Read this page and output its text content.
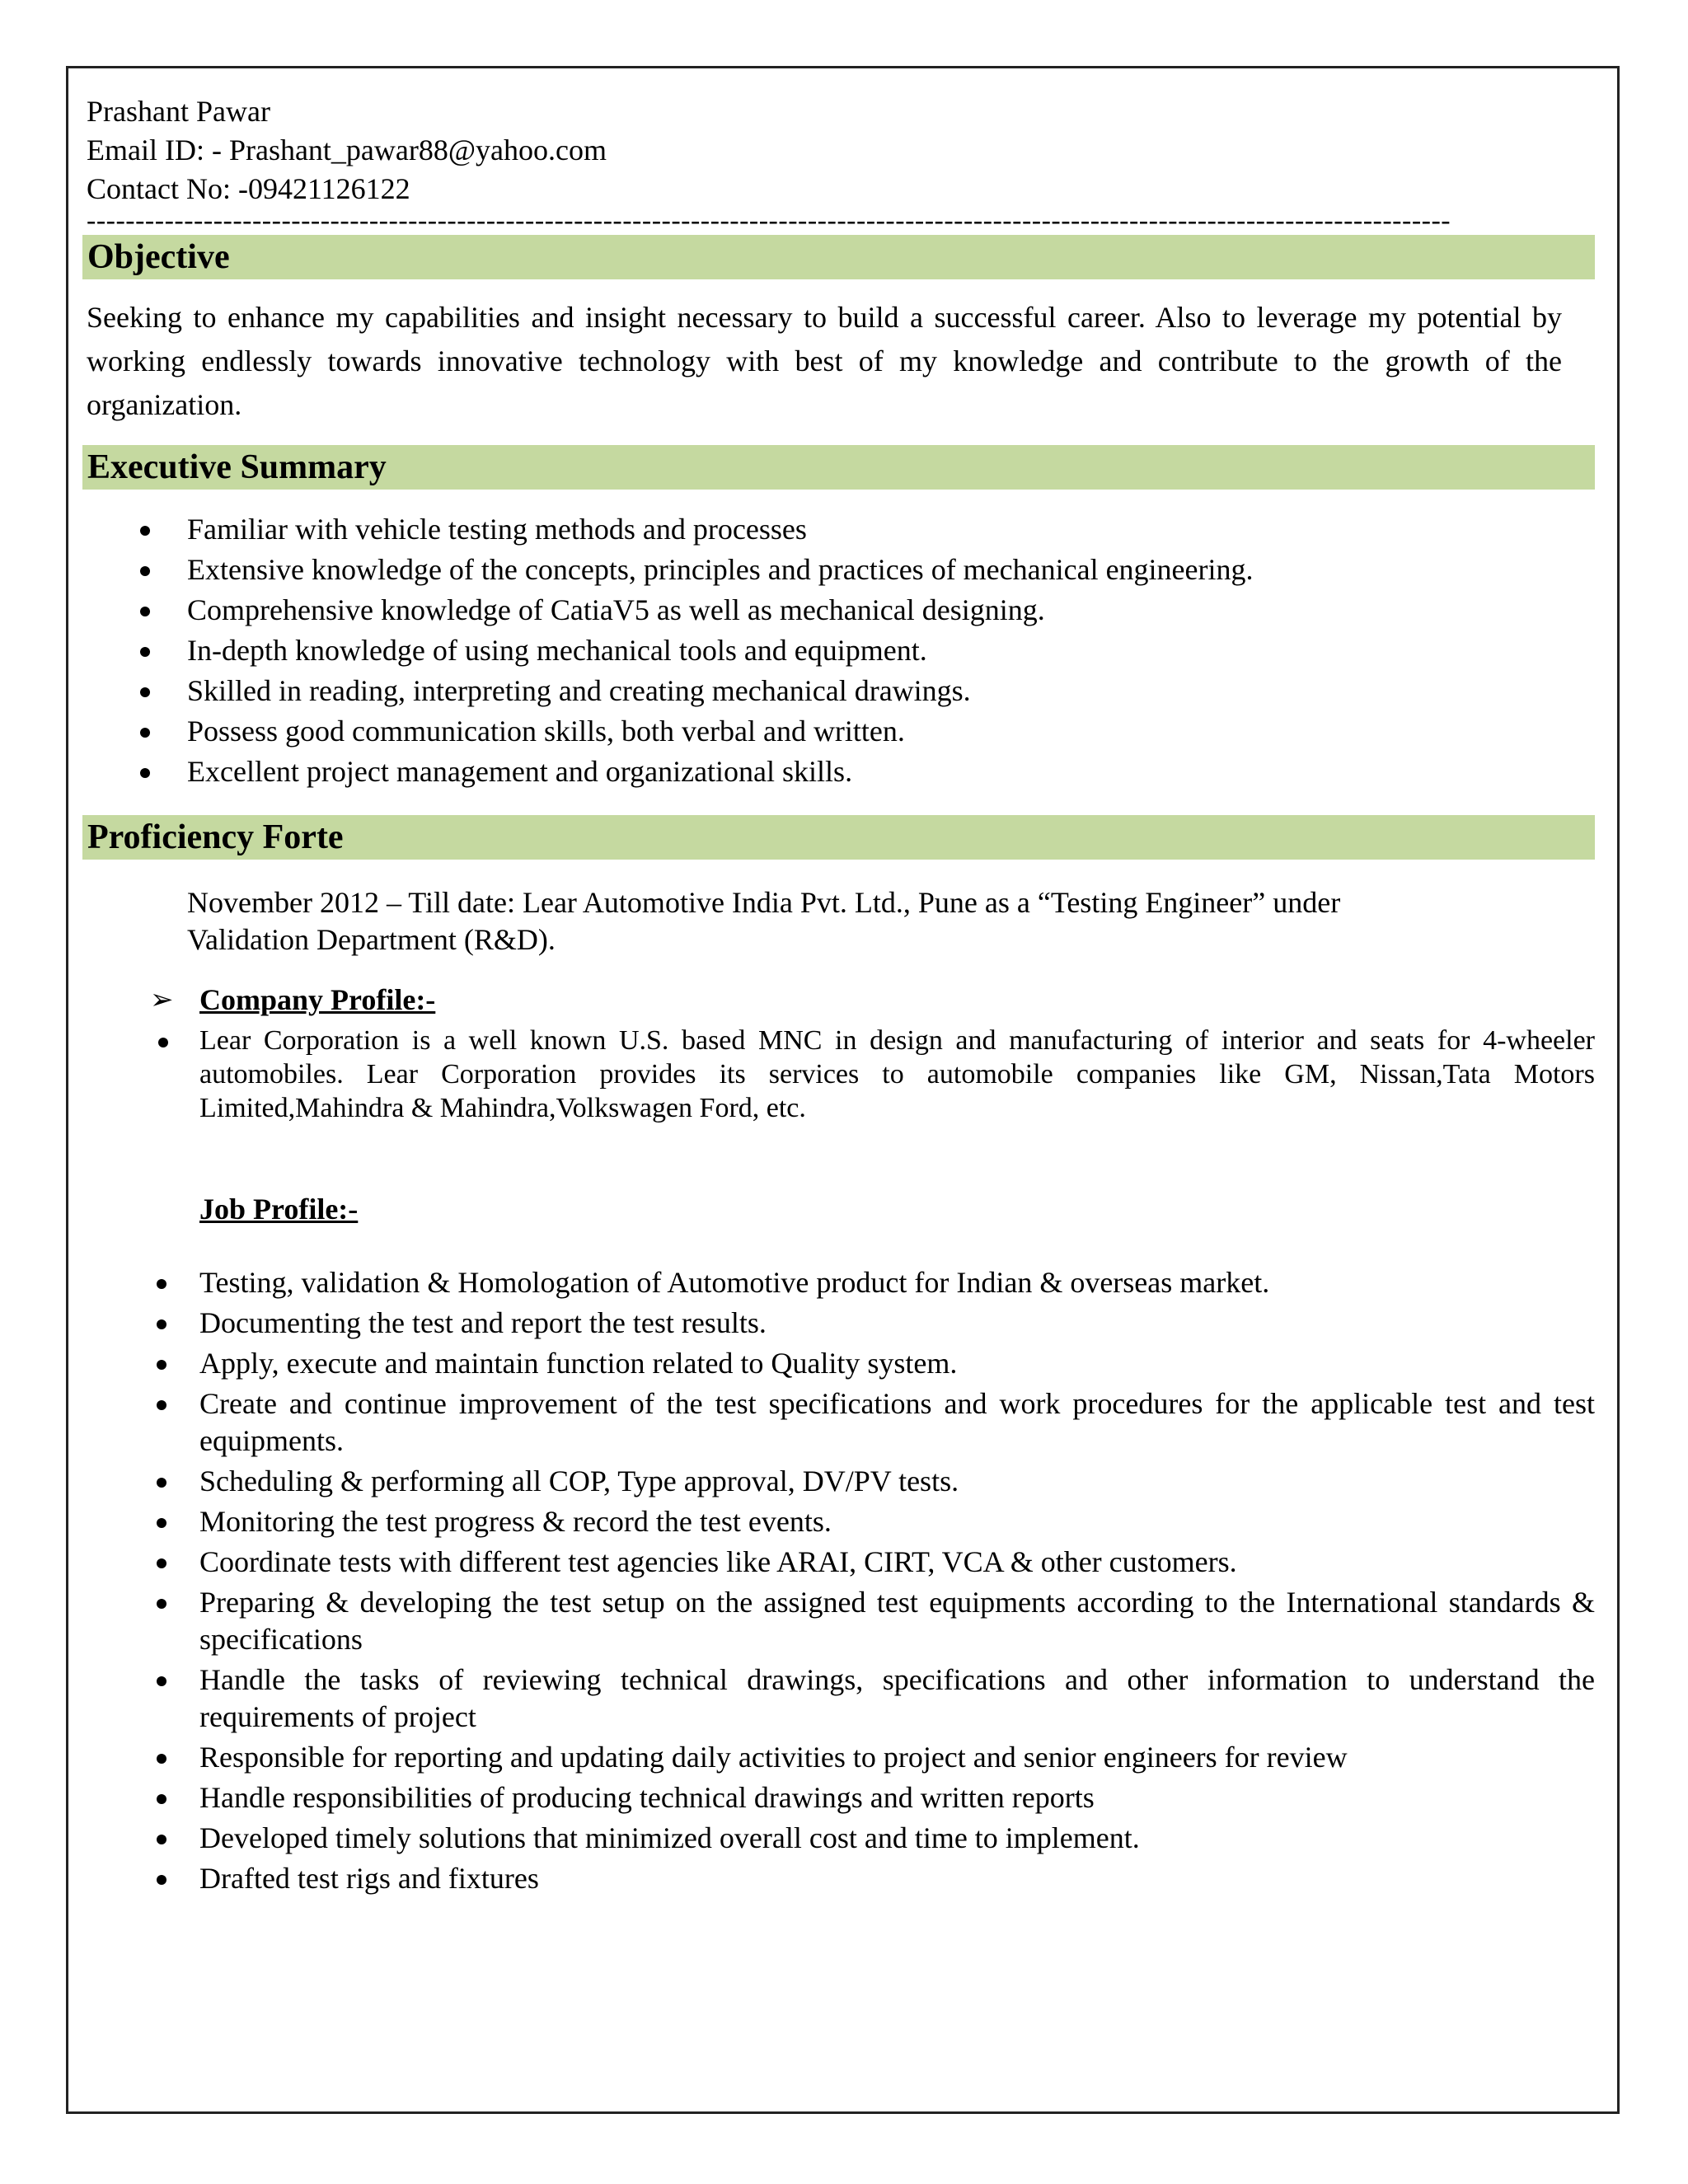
Prashant Pawar
Email ID: - Prashant_pawar88@yahoo.com
Contact No: -09421126122
--------------------------------------------------------------------------------------------------------------------------------------------
Objective
Seeking to enhance my capabilities and insight necessary to build a successful career. Also to leverage my potential by working endlessly towards innovative technology with best of my knowledge and contribute to the growth of the organization.
Executive Summary
Familiar with vehicle testing methods and processes
Extensive knowledge of the concepts, principles and practices of mechanical engineering.
Comprehensive knowledge of CatiaV5 as well as mechanical designing.
In-depth knowledge of using mechanical tools and equipment.
Skilled in reading, interpreting and creating mechanical drawings.
Possess good communication skills, both verbal and written.
Excellent project management and organizational skills.
Proficiency Forte
November 2012 – Till date: Lear Automotive India Pvt. Ltd., Pune as a “Testing Engineer” under
Validation Department (R&D).
➢ Company Profile:-
Lear Corporation is a well known U.S. based MNC in design and manufacturing of interior and seats for 4-wheeler automobiles. Lear Corporation provides its services to automobile companies like GM, Nissan,Tata Motors Limited,Mahindra & Mahindra,Volkswagen Ford, etc.
Job Profile:-
Testing, validation & Homologation of Automotive product for Indian & overseas market.
Documenting the test and report the test results.
Apply, execute and maintain function related to Quality system.
Create and continue improvement of the test specifications and work procedures for the applicable test and test equipments.
Scheduling & performing all COP, Type approval, DV/PV tests.
Monitoring the test progress & record the test events.
Coordinate tests with different test agencies like ARAI, CIRT, VCA & other customers.
Preparing & developing the test setup on the assigned test equipments according to the International standards & specifications
Handle the tasks of reviewing technical drawings, specifications and other information to understand the requirements of project
Responsible for reporting and updating daily activities to project and senior engineers for review
Handle responsibilities of producing technical drawings and written reports
Developed timely solutions that minimized overall cost and time to implement.
Drafted test rigs and fixtures
